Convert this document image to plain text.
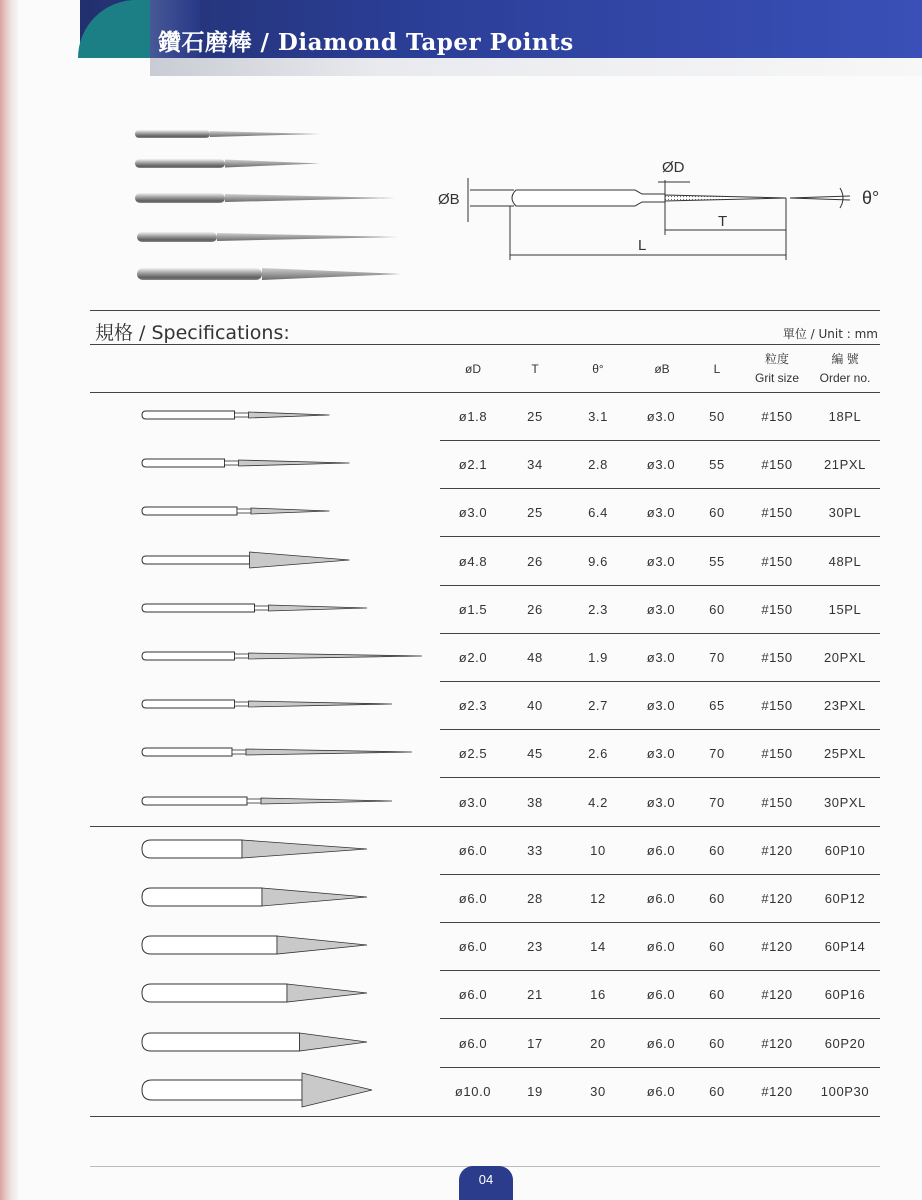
鑽石磨棒 / Diamond Taper Points
ØB
ØD
T
L
θ°
規格 / Specifications:	單位 / Unit : mm
øD	T	θ°	øB	L
粒度
Grit size
編 號
Order no.
ø1.8	25	3.1	ø3.0	50	#150	18PL
ø2.1	34	2.8	ø3.0	55	#150	21PXL
ø3.0	25	6.4	ø3.0	60	#150	30PL
ø4.8	26	9.6	ø3.0	55	#150	48PL
ø1.5	26	2.3	ø3.0	60	#150	15PL
ø2.0	48	1.9	ø3.0	70	#150	20PXL
ø2.3	40	2.7	ø3.0	65	#150	23PXL
ø2.5	45	2.6	ø3.0	70	#150	25PXL
ø3.0	38	4.2	ø3.0	70	#150	30PXL
ø6.0	33	10	ø6.0	60	#120	60P10
ø6.0	28	12	ø6.0	60	#120	60P12
ø6.0	23	14	ø6.0	60	#120	60P14
ø6.0	21	16	ø6.0	60	#120	60P16
ø6.0	17	20	ø6.0	60	#120	60P20
ø10.0	19	30	ø6.0	60	#120	100P30
04
